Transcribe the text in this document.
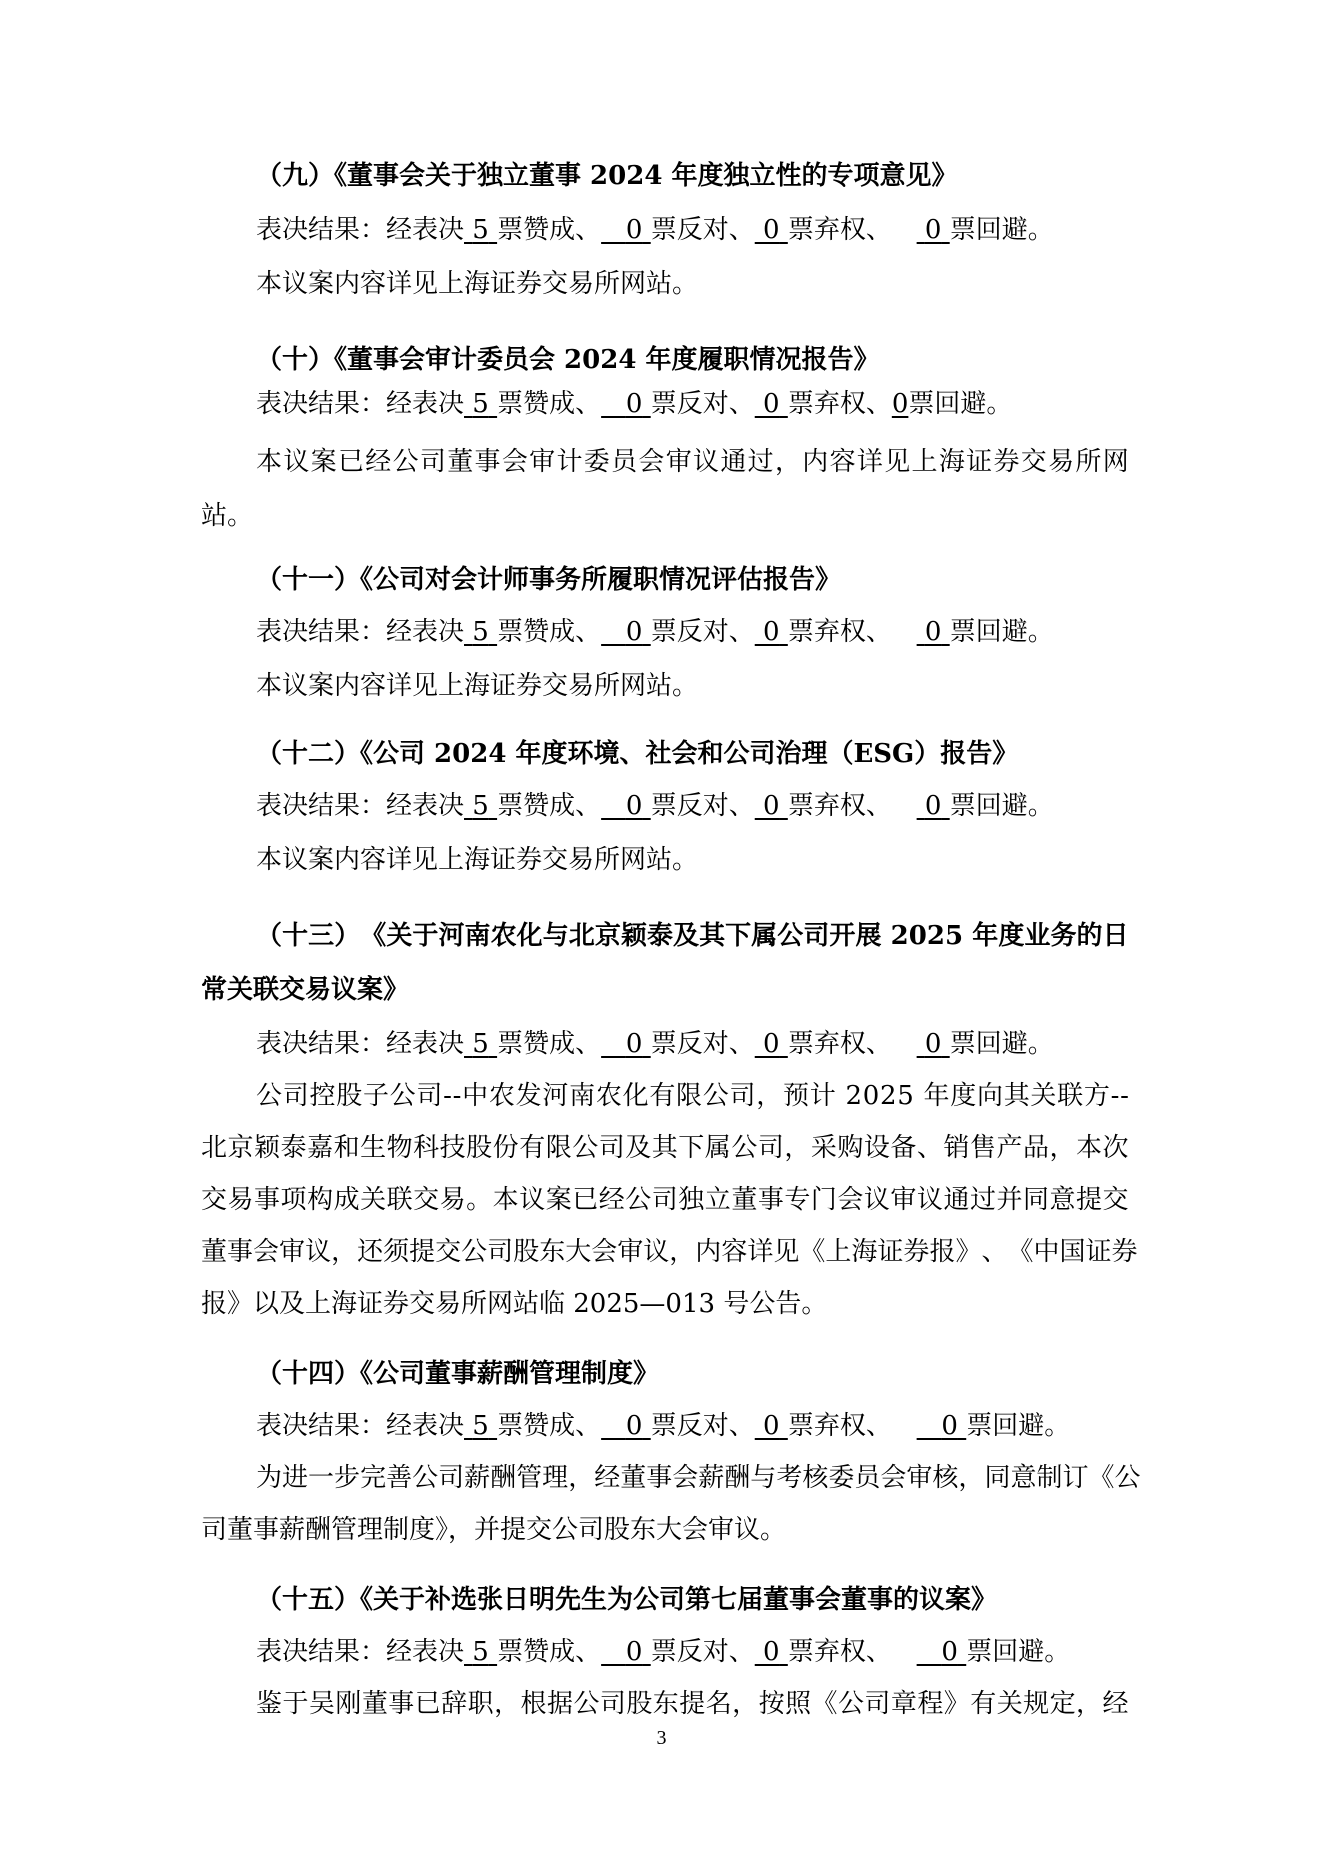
（九）《董事会关于独立董事 2024 年度独立性的专项意见》
表决结果：经表决 5 票赞成、 0 票反对、 0 票弃权、 0 票回避。
本议案内容详见上海证券交易所网站。
（十）《董事会审计委员会 2024 年度履职情况报告》
表决结果：经表决 5 票赞成、 0 票反对、 0 票弃权、0票回避。
本 议 案 已 经 公 司 董 事 会 审 计 委 员 会 审 议 通 过 ， 内 容 详 见 上 海 证 券 交 易 所 网
站。
（十一）《公司对会计师事务所履职情况评估报告》
表决结果：经表决 5 票赞成、 0 票反对、 0 票弃权、 0 票回避。
本议案内容详见上海证券交易所网站。
（十二）《公司 2024 年度环境、社会和公司治理（ESG）报告》
表决结果：经表决 5 票赞成、 0 票反对、 0 票弃权、 0 票回避。
本议案内容详见上海证券交易所网站。
（ 十 三 ） 《 关 于 河 南 农 化 与 北 京 颖 泰 及 其 下 属 公 司 开 展
2 0 2 5
年 度 业 务 的 日
常关联交易议案》
表决结果：经表决 5 票赞成、 0 票反对、 0 票弃权、 0 票回避。
公 司 控 股 子 公 司 - - 中 农 发 河 南 农 化 有 限 公 司 ， 预 计
2 0 2 5
年 度 向 其 关 联 方 - -
北 京 颖 泰 嘉 和 生 物 科 技 股 份 有 限 公 司 及 其 下 属 公 司 ， 采 购 设 备 、 销 售 产 品 ， 本 次
交 易 事 项 构 成 关 联 交 易 。 本 议 案 已 经 公 司 独 立 董 事 专 门 会 议 审 议 通 过 并 同 意 提 交
董 事 会 审 议 ， 还 须 提 交 公 司 股 东 大 会 审 议 ， 内 容 详 见 《 上 海 证 券 报 》 、 《 中 国 证 券
报》以及上海证券交易所网站临 2025—013 号公告。
（十四）《公司董事薪酬管理制度》
表决结果：经表决 5 票赞成、 0 票反对、 0 票弃权、 0 票回避。
为 进 一 步 完 善 公 司 薪 酬 管 理 ， 经 董 事 会 薪 酬 与 考 核 委 员 会 审 核 ， 同 意 制 订 《 公
司董事薪酬管理制度》，并提交公司股东大会审议。
（十五）《关于补选张日明先生为公司第七届董事会董事的议案》
表决结果：经表决 5 票赞成、 0 票反对、 0 票弃权、 0 票回避。
鉴 于 吴 刚 董 事 已 辞 职 ， 根 据 公 司 股 东 提 名 ， 按 照 《 公 司 章 程 》 有 关 规 定 ， 经
3
